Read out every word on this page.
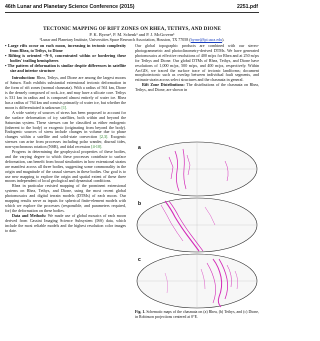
46th Lunar and Planetary Science Conference (2015)	2251.pdf
TECTONIC MAPPING OF RIFT ZONES ON RHEA, TETHYS, AND DIONE
P. K. Byrne¹, P. M. Schenk¹ and P. J. McGovern¹
¹Lunar and Planetary Institute, Universities Space Research Association, Houston, TX 77058 (byrne@lpi.usra.edu).
• Large rifts occur on each moon, increasing in tectonic complexity from Rhea, to Tethys, to Dione
• Rifting is oriented ~N-S, concentrated within or bordering these bodies' trailing hemispheres
• The pattern of deformation is similar despite differences in satellite size and interior structure

Introduction: Rhea, Tethys, and Dione are among the largest moons of Saturn. Each exhibits substantial extensional tectonic deformation in the form of rift zones (normal chasmata). With a radius of 561 km, Dione is the densely composed of rock–ice, and may have a silicate core. Tethys is 531 km in radius and is composed almost entirely of water ice. Rhea has a radius of 764 km and consists primarily of water ice, but whether the moon is differentiated is unknown [1].

A wide variety of sources of stress has been proposed to account for the surface deformation of icy satellites, both within and beyond the Saturnian system. These stresses can be classified as either endogenic (inherent to the body) or exogenic (originating from beyond the body). Endogenic sources of stress include changes in volume due to phase changes within a satellite and solid-state convection [2,3]. Exogenic stresses can arise from processes including polar wander, diurnal tides, non-synchronous rotation (NSR), and tidal recession [4-10].

Progress in determining the geophysical properties of these bodies, and the varying degree to which these processes contribute to surface deformation, can benefit from broad similarities in how extensional strains are manifest across all three bodies, suggesting some commonality in the origin and magnitude of the causal stresses in these bodies. Our goal is to use new mapping to explore the origin and spatial extent of these three moons independent of local geological and dynamical conditions.

Rhea in particular resisted mapping of the prominent extensional systems on Rhea, Tethys, and Dione, using the most recent global photomosaics and digital terrain models (DTMs) of each moon. Our mapping results serve as inputs for spherical finite-element models with which we explore the processes (responsible, and parameters required, for) the deformation on these bodies.

Data and Methods: We made use of global mosaics of each moon derived from Cassini Imaging Science Subsystem (ISS) data, which include the most reliable models and the highest resolution color images to date.

Our global topographic products are combined with our stereo-photogrammetric and photoclinometry-derived DTMs. We have generated photomosaics at effective resolutions of 400 m/px for Rhea and at 250 m/px for Tethys and Dione. Our global DTMs of Rhea, Tethys, and Dione have resolutions of 1,000 m/px, 500 m/px, and 400 m/px, respectively. Within ArcGIS, we traced the surface trace of tectonic landforms; document morphotectonic such as overlap between individual fault segments, and estimate strain across select structures and the chasmata in general.

Rift Zone Distributions: The distributions of the chasmata on Rhea, Tethys, and Dione, are shown in

a
b
c
Fig. 1. Schematic maps of the chasmata on (a) Rhea, (b) Tethys, and (c) Dione, in Robinson projections centered at 0°E.
